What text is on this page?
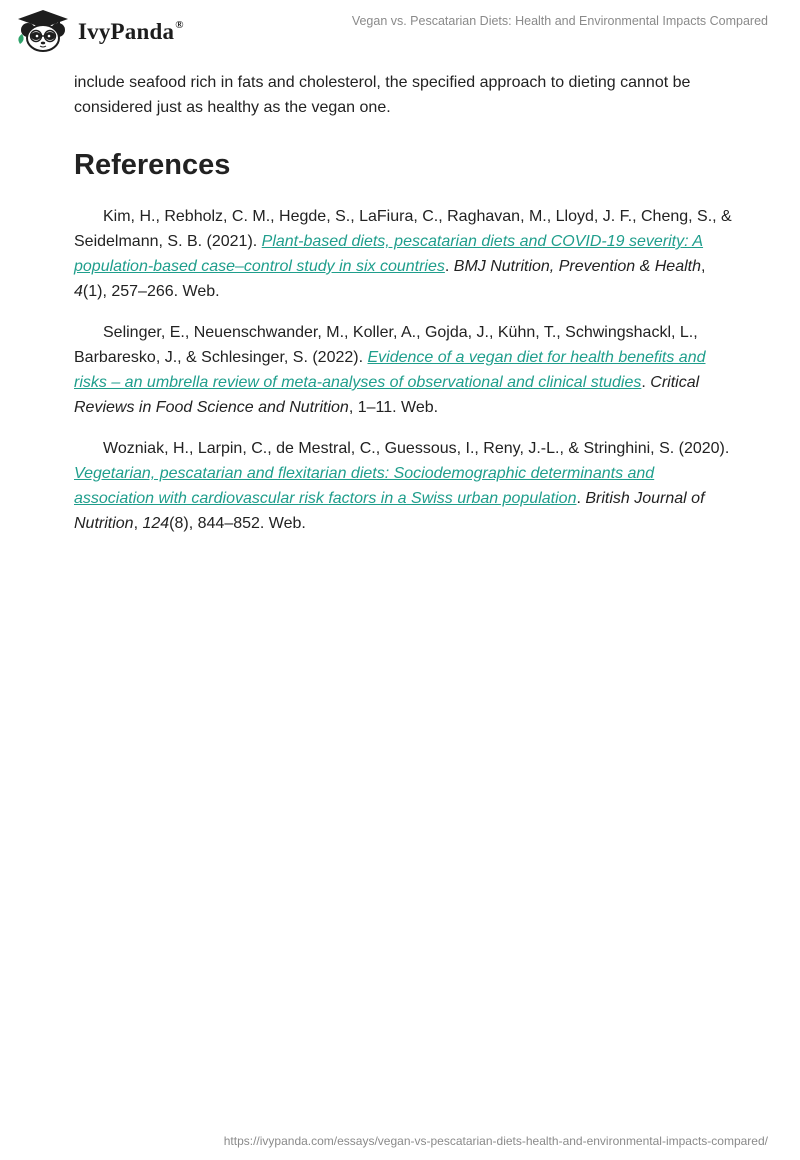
IvyPanda®	Vegan vs. Pescatarian Diets: Health and Environmental Impacts Compared

include seafood rich in fats and cholesterol, the specified approach to dieting cannot be considered just as healthy as the vegan one.

References

Kim, H., Rebholz, C. M., Hegde, S., LaFiura, C., Raghavan, M., Lloyd, J. F., Cheng, S., & Seidelmann, S. B. (2021). Plant-based diets, pescatarian diets and COVID-19 severity: A population-based case–control study in six countries. BMJ Nutrition, Prevention & Health, 4(1), 257–266. Web.

Selinger, E., Neuenschwander, M., Koller, A., Gojda, J., Kühn, T., Schwingshackl, L., Barbaresko, J., & Schlesinger, S. (2022). Evidence of a vegan diet for health benefits and risks – an umbrella review of meta-analyses of observational and clinical studies. Critical Reviews in Food Science and Nutrition, 1–11. Web.

Wozniak, H., Larpin, C., de Mestral, C., Guessous, I., Reny, J.-L., & Stringhini, S. (2020). Vegetarian, pescatarian and flexitarian diets: Sociodemographic determinants and association with cardiovascular risk factors in a Swiss urban population. British Journal of Nutrition, 124(8), 844–852. Web.

https://ivypanda.com/essays/vegan-vs-pescatarian-diets-health-and-environmental-impacts-compared/
